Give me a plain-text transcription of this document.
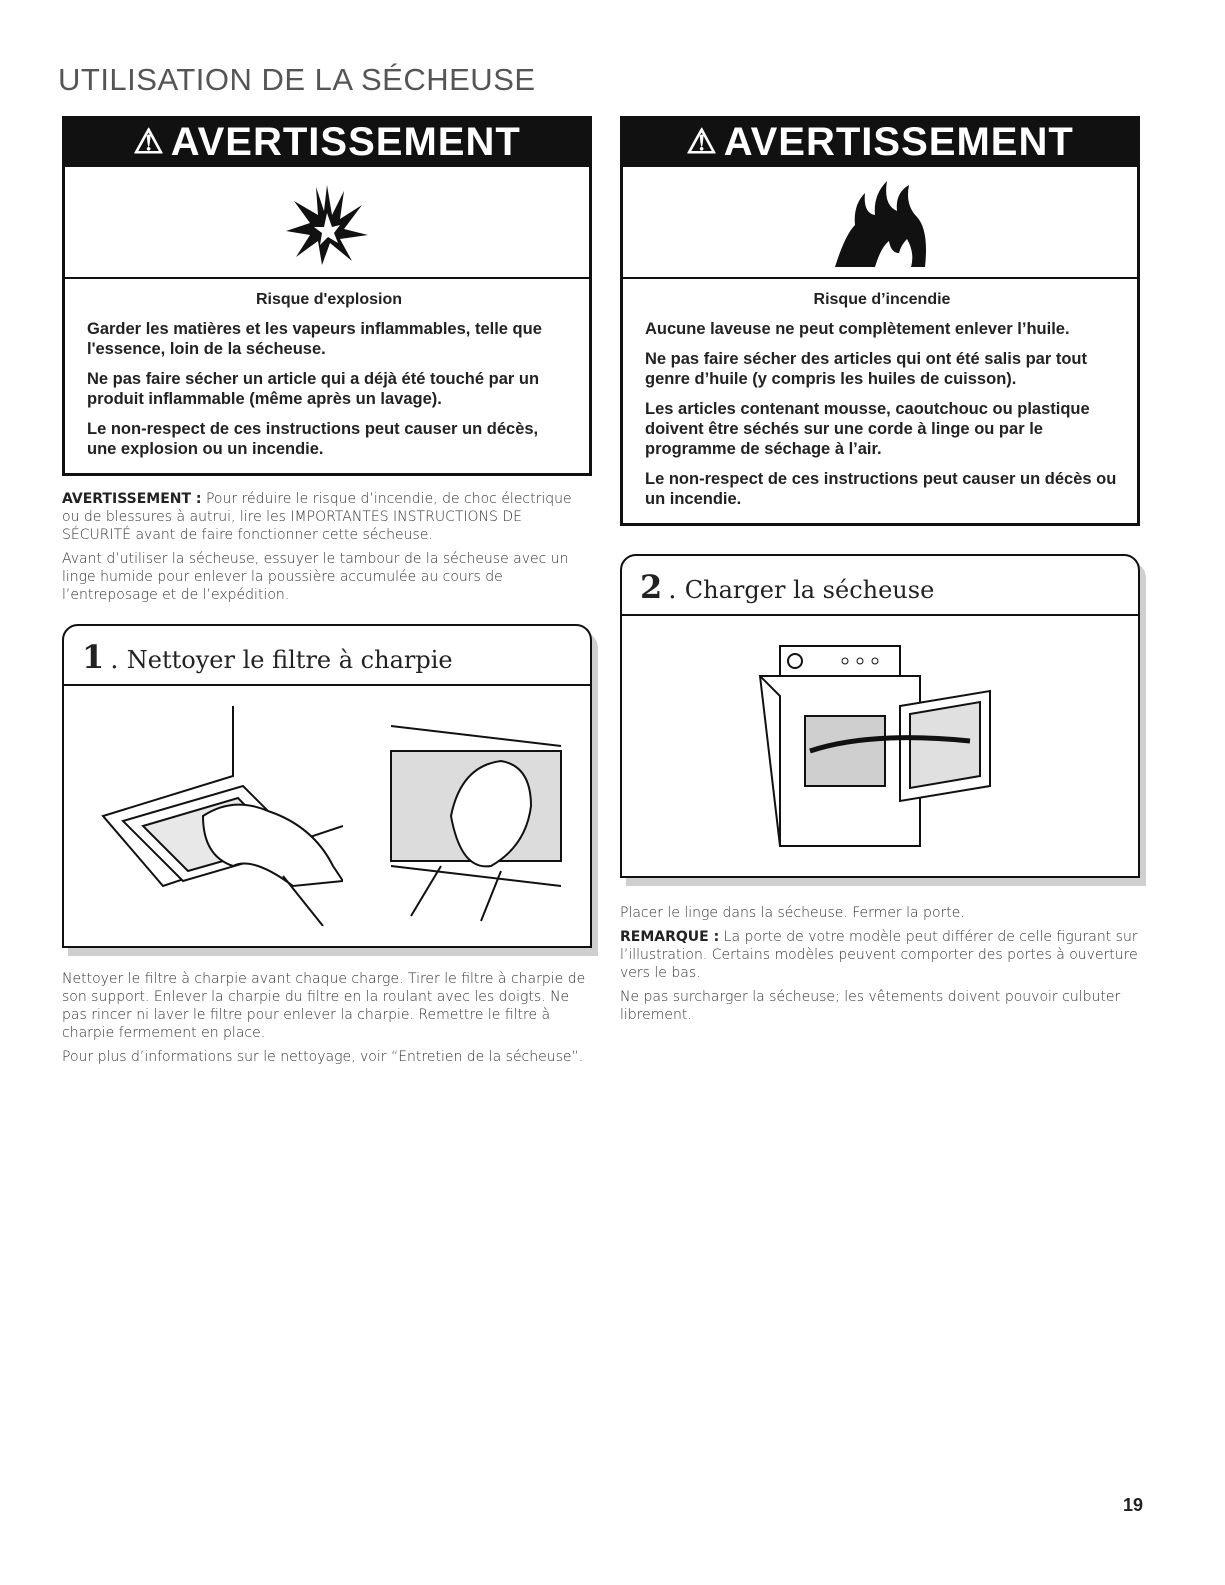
UTILISATION DE LA SÉCHEUSE
⚠ AVERTISSEMENT

Risque d'explosion

Garder les matières et les vapeurs inflammables, telle que l'essence, loin de la sécheuse.

Ne pas faire sécher un article qui a déjà été touché par un produit inflammable (même après un lavage).

Le non-respect de ces instructions peut causer un décès, une explosion ou un incendie.

AVERTISSEMENT : Pour réduire le risque d’incendie, de choc électrique ou de blessures à autrui, lire les IMPORTANTES INSTRUCTIONS DE SÉCURITÉ avant de faire fonctionner cette sécheuse.

Avant d’utiliser la sécheuse, essuyer le tambour de la sécheuse avec un linge humide pour enlever la poussière accumulée au cours de l’entreposage et de l’expédition.

1 . Nettoyer le filtre à charpie

Nettoyer le filtre à charpie avant chaque charge. Tirer le filtre à charpie de son support. Enlever la charpie du filtre en la roulant avec les doigts. Ne pas rincer ni laver le filtre pour enlever la charpie. Remettre le filtre à charpie fermement en place.

Pour plus d’informations sur le nettoyage, voir “Entretien de la sécheuse”.

⚠ AVERTISSEMENT

Risque d’incendie

Aucune laveuse ne peut complètement enlever l’huile.

Ne pas faire sécher des articles qui ont été salis par tout genre d’huile (y compris les huiles de cuisson).

Les articles contenant mousse, caoutchouc ou plastique doivent être séchés sur une corde à linge ou par le programme de séchage à l’air.

Le non-respect de ces instructions peut causer un décès ou un incendie.

2 . Charger la sécheuse

Placer le linge dans la sécheuse. Fermer la porte.

REMARQUE : La porte de votre modèle peut différer de celle figurant sur l’illustration. Certains modèles peuvent comporter des portes à ouverture vers le bas.

Ne pas surcharger la sécheuse; les vêtements doivent pouvoir culbuter librement.

19
